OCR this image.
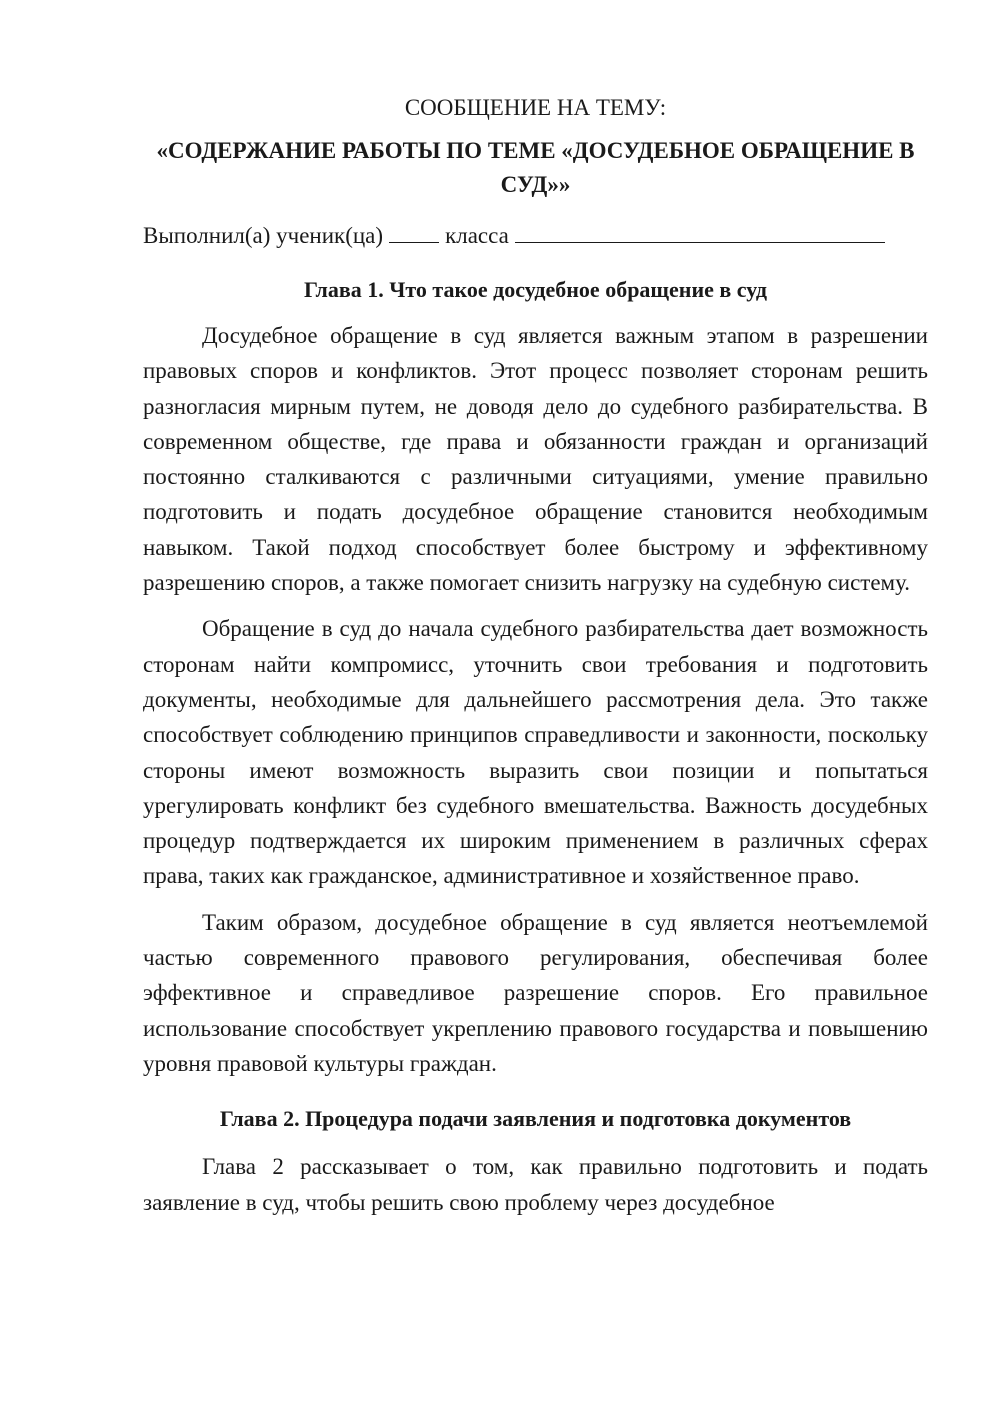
СООБЩЕНИЕ НА ТЕМУ:

«СОДЕРЖАНИЕ РАБОТЫ ПО ТЕМЕ «ДОСУДЕБНОЕ ОБРАЩЕНИЕ В СУД»»

Выполнил(а) ученик(ца)	класса

Глава 1. Что такое досудебное обращение в суд

Досудебное обращение в суд является важным этапом в разрешении правовых споров и конфликтов. Этот процесс позволяет сторонам решить разногласия мирным путем, не доводя дело до судебного разбирательства. В современном обществе, где права и обязанности граждан и организаций постоянно сталкиваются с различными ситуациями, умение правильно подготовить и подать досудебное обращение становится необходимым навыком. Такой подход способствует более быстрому и эффективному разрешению споров, а также помогает снизить нагрузку на судебную систему.

Обращение в суд до начала судебного разбирательства дает возможность сторонам найти компромисс, уточнить свои требования и подготовить документы, необходимые для дальнейшего рассмотрения дела. Это также способствует соблюдению принципов справедливости и законности, поскольку стороны имеют возможность выразить свои позиции и попытаться урегулировать конфликт без судебного вмешательства. Важность досудебных процедур подтверждается их широким применением в различных сферах права, таких как гражданское, административное и хозяйственное право.

Таким образом, досудебное обращение в суд является неотъемлемой частью современного правового регулирования, обеспечивая более эффективное и справедливое разрешение споров. Его правильное использование способствует укреплению правового государства и повышению уровня правовой культуры граждан.

Глава 2. Процедура подачи заявления и подготовка документов

Глава 2 рассказывает о том, как правильно подготовить и подать заявление в суд, чтобы решить свою проблему через досудебное
